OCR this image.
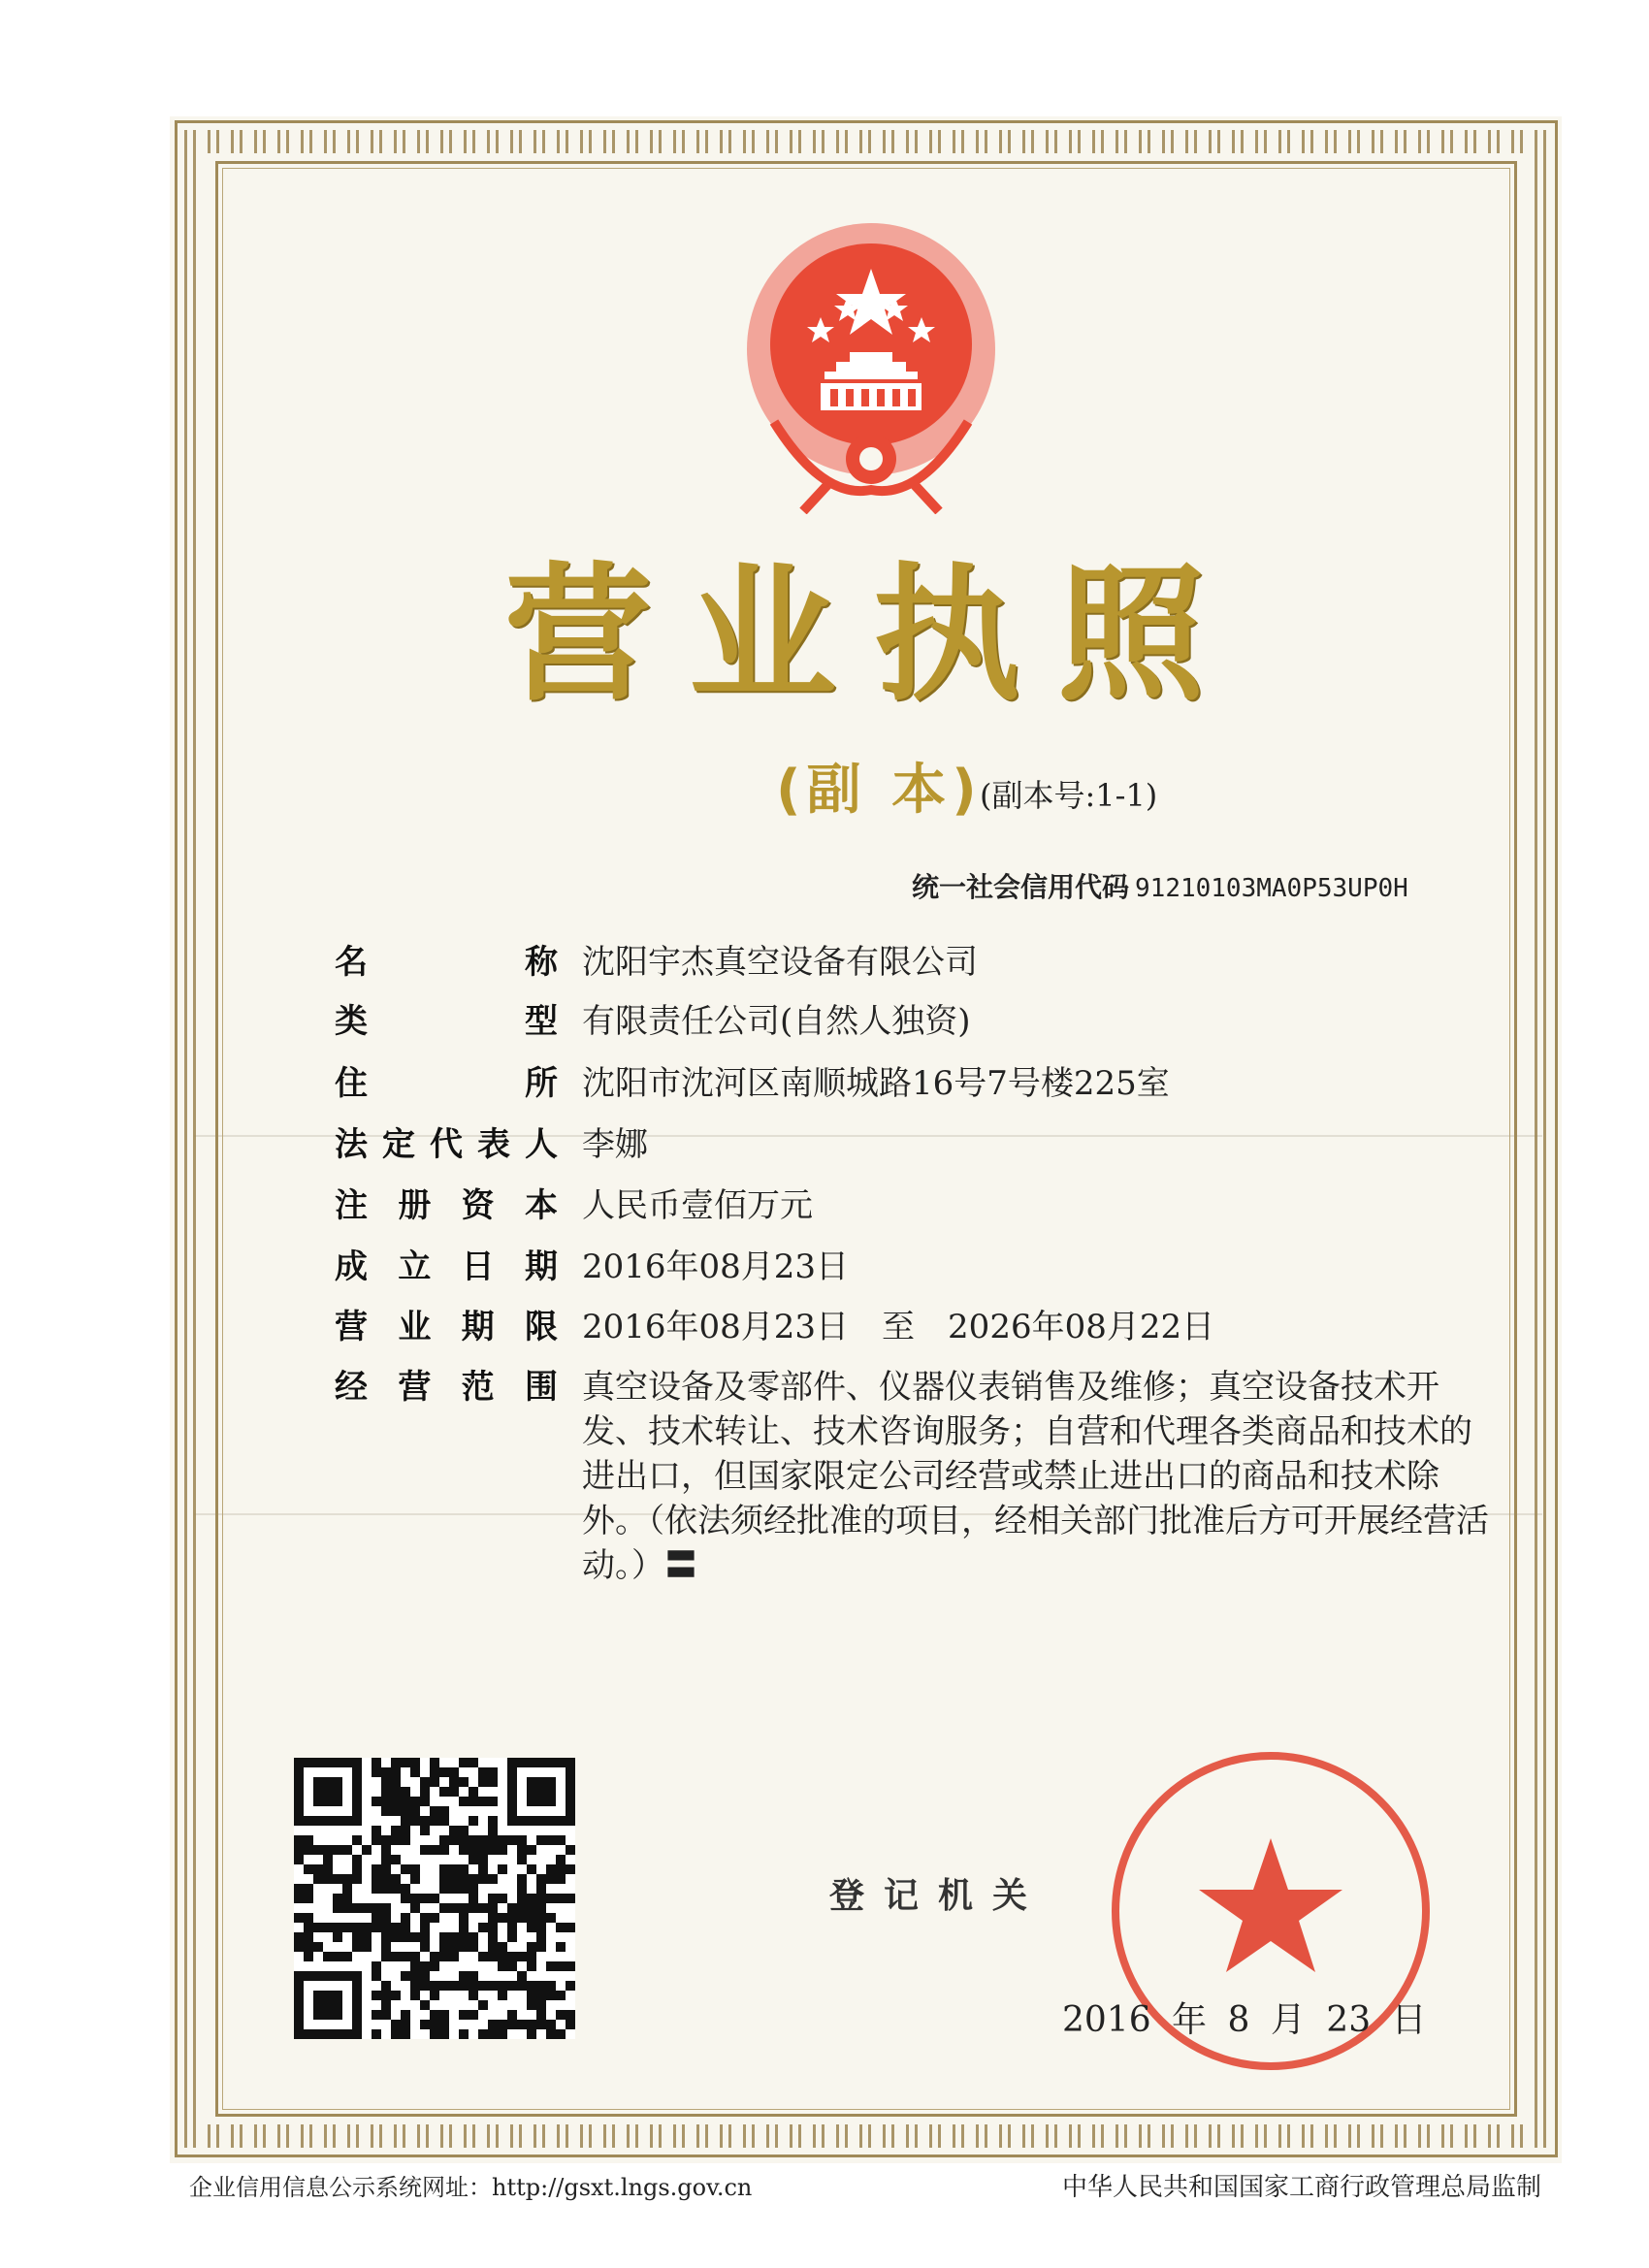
营业执照
(副 本)
(副本号:1-1)
统一社会信用代码 91210103MA0P53UP0H
名	称 沈阳宇杰真空设备有限公司
类	型 有限责任公司(自然人独资)
住	所 沈阳市沈河区南顺城路16号7号楼225室
法 定 代 表 人 李娜
注 册 资 本 人民币壹佰万元
成 立 日 期 2016年08月23日
营 业 期 限 2016年08月23日　至　2026年08月22日
经 营 范 围 真空设备及零部件、仪器仪表销售及维修；真空设备技术开发、技术转让、技术咨询服务；自营和代理各类商品和技术的进出口，但国家限定公司经营或禁止进出口的商品和技术除外。（依法须经批准的项目，经相关部门批准后方可开展经营活动。）〓
登记机关
2016 年 8 月 23 日
企业信用信息公示系统网址：http://gsxt.lngs.gov.cn	中华人民共和国国家工商行政管理总局监制
